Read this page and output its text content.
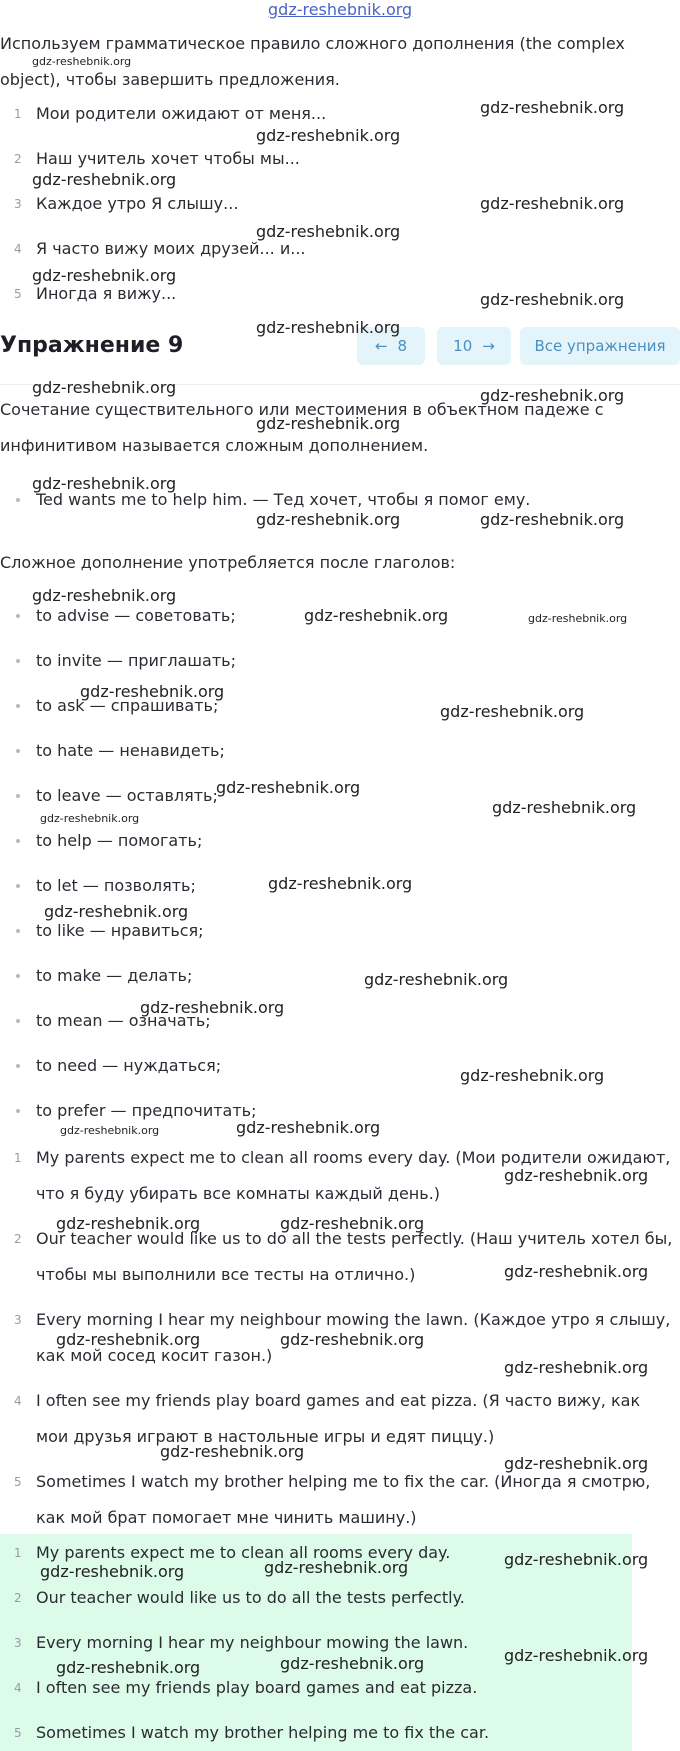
gdz-reshebnik.org
Используем грамматическое правило сложного дополнения (the complex object), чтобы завершить предложения.
1 Мои родители ожидают от меня...
2 Наш учитель хочет чтобы мы...
3 Каждое утро Я слышу...
4 Я часто вижу моих друзей... и...
5 Иногда я вижу...
Упражнение 9	← 8	10 →	Все упражнения
Сочетание существительного или местоимения в объектном падеже с инфинитивом называется сложным дополнением.
Ted wants me to help him. — Тед хочет, чтобы я помог ему.
Сложное дополнение употребляется после глаголов:
to advise — советовать;
to invite — приглашать;
to ask — спрашивать;
to hate — ненавидеть;
to leave — оставлять;
to help — помогать;
to let — позволять;
to like — нравиться;
to make — делать;
to mean — означать;
to need — нуждаться;
to prefer — предпочитать;
1 My parents expect me to clean all rooms every day. (Мои родители ожидают, что я буду убирать все комнаты каждый день.)
2 Our teacher would like us to do all the tests perfectly. (Наш учитель хотел бы, чтобы мы выполнили все тесты на отлично.)
3 Every morning I hear my neighbour mowing the lawn. (Каждое утро я слышу, как мой сосед косит газон.)
4 I often see my friends play board games and eat pizza. (Я часто вижу, как мои друзья играют в настольные игры и едят пиццу.)
5 Sometimes I watch my brother helping me to fix the car. (Иногда я смотрю, как мой брат помогает мне чинить машину.)
1 My parents expect me to clean all rooms every day.
2 Our teacher would like us to do all the tests perfectly.
3 Every morning I hear my neighbour mowing the lawn.
4 I often see my friends play board games and eat pizza.
5 Sometimes I watch my brother helping me to fix the car.
gdz-reshebnik.org
gdz-reshebnik.org
gdz-reshebnik.org
gdz-reshebnik.org
gdz-reshebnik.org
gdz-reshebnik.org
gdz-reshebnik.org
gdz-reshebnik.org
gdz-reshebnik.org
gdz-reshebnik.org	gdz-reshebnik.org
gdz-reshebnik.org
gdz-reshebnik.org
gdz-reshebnik.org	gdz-reshebnik.org
gdz-reshebnik.org
gdz-reshebnik.org	gdz-reshebnik.org
gdz-reshebnik.org
gdz-reshebnik.org
gdz-reshebnik.org
gdz-reshebnik.org
gdz-reshebnik.org
gdz-reshebnik.org
gdz-reshebnik.org
gdz-reshebnik.org
gdz-reshebnik.org
gdz-reshebnik.org
gdz-reshebnik.org	gdz-reshebnik.org
gdz-reshebnik.org
gdz-reshebnik.org	gdz-reshebnik.org
gdz-reshebnik.org
gdz-reshebnik.org	gdz-reshebnik.org
gdz-reshebnik.org
gdz-reshebnik.org
gdz-reshebnik.org
gdz-reshebnik.org
gdz-reshebnik.org	gdz-reshebnik.org
gdz-reshebnik.org
gdz-reshebnik.org	gdz-reshebnik.org
